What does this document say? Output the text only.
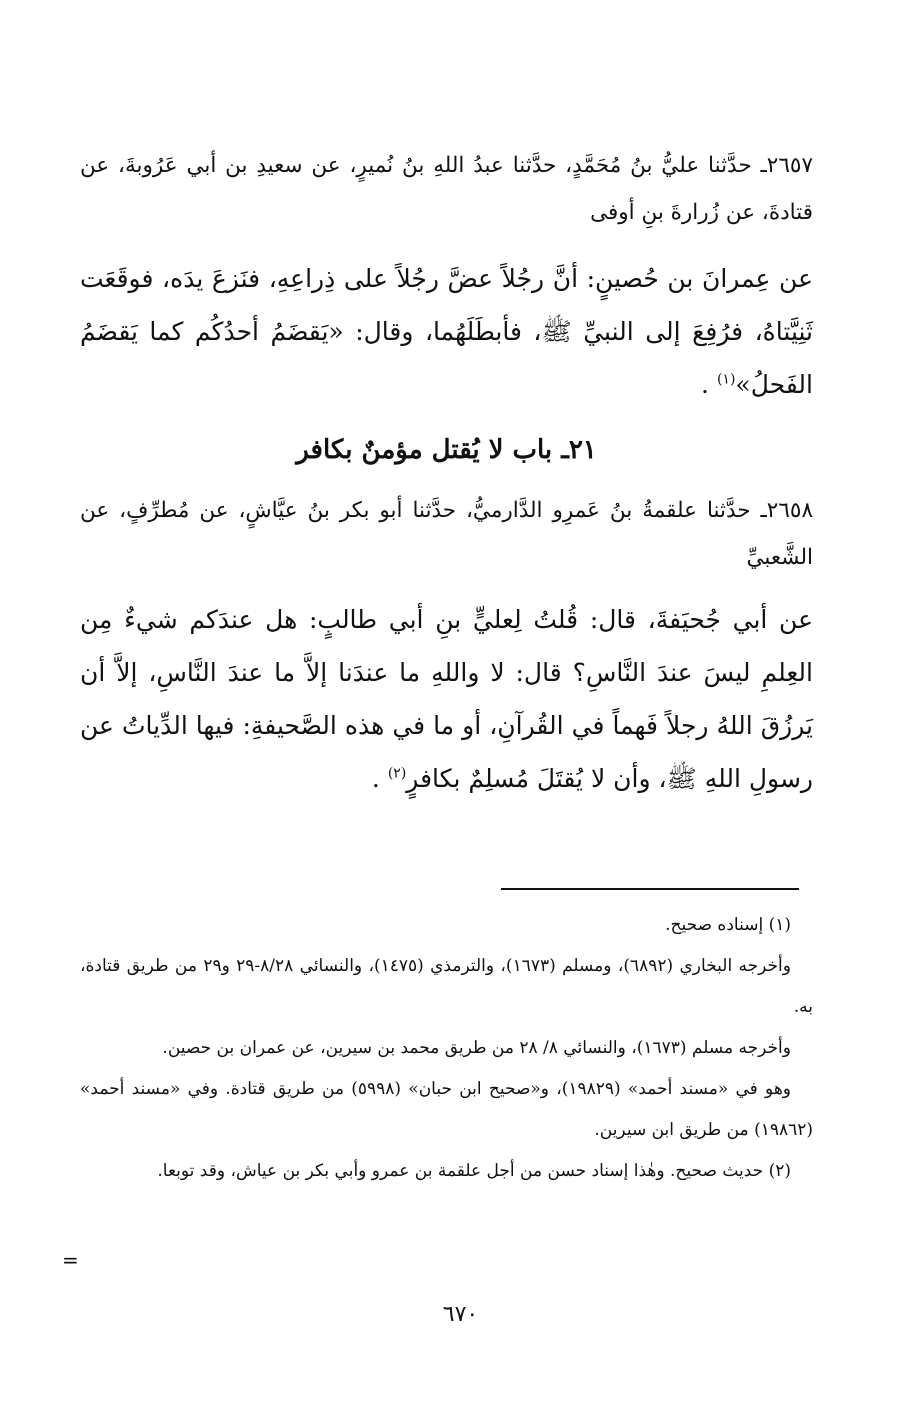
٢٦٥٧ـ حدَّثنا عليُّ بنُ مُحَمَّدٍ، حدَّثنا عبدُ اللهِ بنُ نُميرٍ، عن سعيدِ بن أبي عَرُوبةَ، عن قتادةَ، عن زُرارةَ بنِ أوفى

عن عِمرانَ بن حُصينٍ: أنَّ رجُلاً عضَّ رجُلاً على ذِراعِهِ، فنَزعَ يدَه، فوقَعَت ثَنِيَّتاهُ، فرُفِعَ إلى النبيِّ ﷺ، فأبطَلَهُما، وقال: «يَقضَمُ أحدُكُم كما يَقضَمُ الفَحلُ»$^{(١)}$ .

٢١ـ باب لا يُقتل مؤمنٌ بكافر

٢٦٥٨ـ حدَّثنا علقمةُ بنُ عَمرِو الدَّارميُّ، حدَّثنا أبو بكر بنُ عيَّاشٍ، عن مُطرِّفٍ، عن الشَّعبيِّ

عن أبي جُحيَفةَ، قال: قُلتُ لِعليٍّ بنِ أبي طالبٍ: هل عندَكم شيءٌ مِن العِلمِ ليسَ عندَ النَّاسِ؟ قال: لا واللهِ ما عندَنا إلاَّ ما عندَ النَّاسِ، إلاَّ أن يَرزُقَ اللهُ رجلاً فَهماً في القُرآنِ، أو ما في هذه الصَّحيفةِ: فيها الدِّياتُ عن رسولِ اللهِ ﷺ، وأن لا يُقتَلَ مُسلِمٌ بكافرٍ$^{(٢)}$ .

(١) إسناده صحيح.

وأخرجه البخاري (٦٨٩٢)، ومسلم (١٦٧٣)، والترمذي (١٤٧٥)، والنسائي ٨/٢٨-٢٩ و٢٩ من طريق قتادة، به.

وأخرجه مسلم (١٦٧٣)، والنسائي ٨/ ٢٨ من طريق محمد بن سيرين، عن عمران بن حصين.

وهو في «مسند أحمد» (١٩٨٢٩)، و«صحيح ابن حبان» (٥٩٩٨) من طريق قتادة. وفي «مسند أحمد» (١٩٨٦٢) من طريق ابن سيرين.

(٢) حديث صحيح. وهٰذا إسناد حسن من أجل علقمة بن عمرو وأبي بكر بن عياش، وقد توبعا.

=
٦٧٠
